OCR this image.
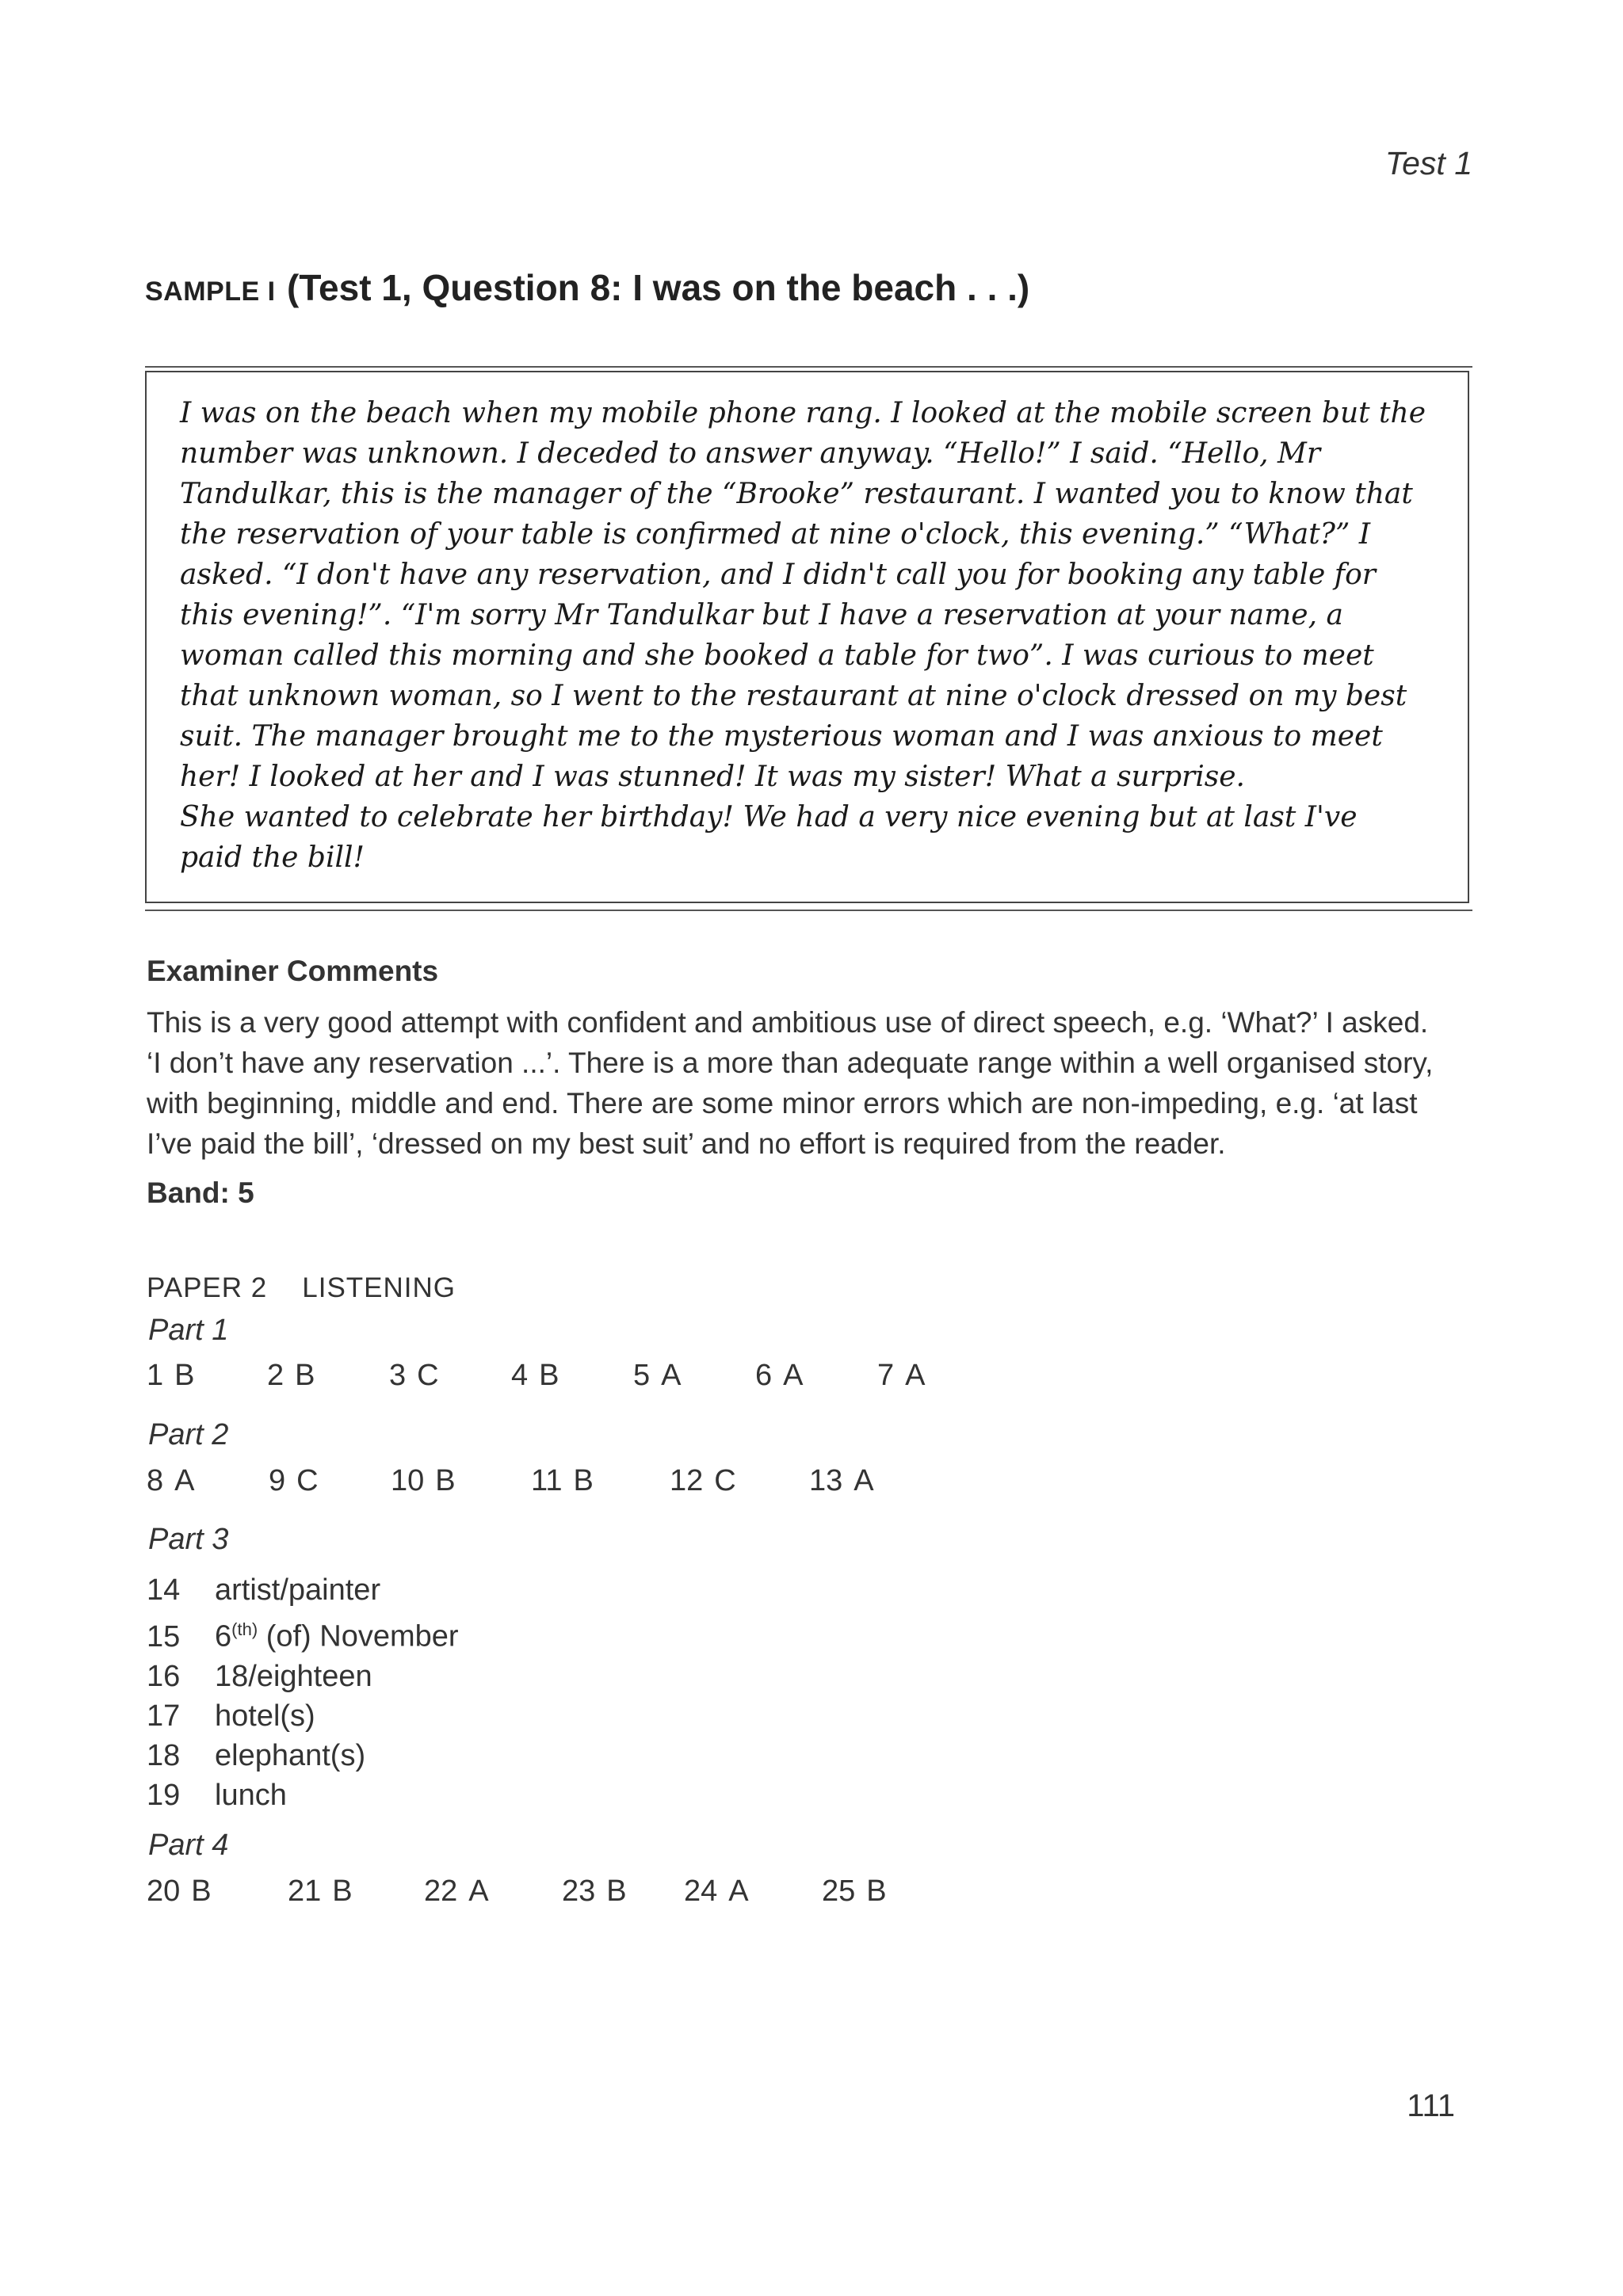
Test 1
SAMPLE I (Test 1, Question 8: I was on the beach . . .)
I was on the beach when my mobile phone rang. I looked at the mobile screen but the
number was unknown. I deceded to answer anyway. “Hello!” I said. “Hello, Mr
Tandulkar, this is the manager of the “Brooke” restaurant. I wanted you to know that
the reservation of your table is confirmed at nine o'clock, this evening.” “What?” I
asked. “I don't have any reservation, and I didn't call you for booking any table for
this evening!”. “I'm sorry Mr Tandulkar but I have a reservation at your name, a
woman called this morning and she booked a table for two”. I was curious to meet
that unknown woman, so I went to the restaurant at nine o'clock dressed on my best
suit. The manager brought me to the mysterious woman and I was anxious to meet
her! I looked at her and I was stunned! It was my sister! What a surprise.
She wanted to celebrate her birthday! We had a very nice evening but at last I've
paid the bill!
Examiner Comments
This is a very good attempt with confident and ambitious use of direct speech, e.g. ‘What?’ I asked.
‘I don’t have any reservation ...’. There is a more than adequate range within a well organised story,
with beginning, middle and end. There are some minor errors which are non-impeding, e.g. ‘at last
I’ve paid the bill’, ‘dressed on my best suit’ and no effort is required from the reader.
Band: 5
PAPER 2 LISTENING
Part 1
1 B 2 B 3 C 4 B 5 A 6 A 7 A
Part 2
8 A 9 C 10 B	11 B	12 C 13 A
Part 3
14 artist/painter
15 $6^{(th)}$ (of) November
16 18/eighteen
17 hotel(s)
18 elephant(s)
19 lunch
Part 4
20 B	21 B 22 A 23 B 24 A 25 B
111
